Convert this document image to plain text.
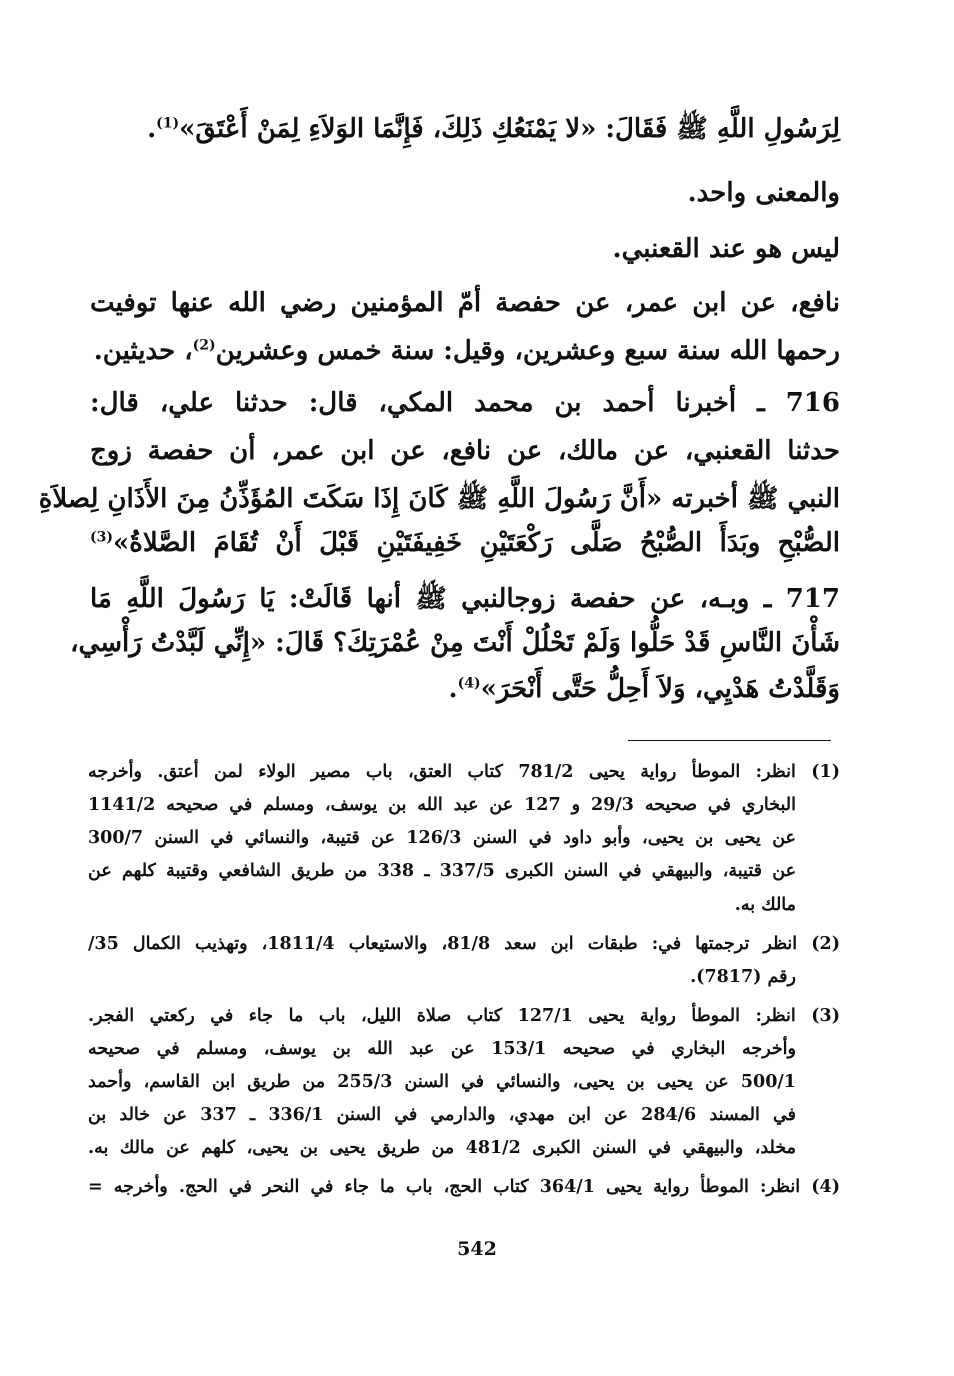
لِرَسُولِ اللَّهِ ﷺ فَقَالَ: «لا يَمْنَعُكِ ذَلِكَ، فَإِنَّمَا الوَلاَءِ لِمَنْ أَعْتَقَ»$^{(1)}$.
والمعنى واحد.
ليس هو عند القعنبي.
نافع، عن ابن عمر، عن حفصة أمّ المؤمنين رضي الله عنها توفيت
رحمها الله سنة سبع وعشرين، وقيل: سنة خمس وعشرين$^{(2)}$، حديثين.
716 ـ أخبرنا أحمد بن محمد المكي، قال: حدثنا علي، قال:
حدثنا القعنبي، عن مالك، عن نافع، عن ابن عمر، أن حفصة زوج
النبي ﷺ أخبرته «أَنَّ رَسُولَ اللَّهِ ﷺ كَانَ إِذَا سَكَتَ المُؤَذِّنُ مِنَ الأَذَانِ لِصلاَةِ
الصُّبْحِ وبَدَأَ الصُّبْحُ صَلَّى رَكْعَتَيْنِ خَفِيفَتَيْنِ قَبْلَ أَنْ تُقَامَ الصَّلاةُ»$^{(3)}$
717 ـ وبـه، عن حفصة زوجالنبي ﷺ أنها قَالَتْ: يَا رَسُولَ اللَّهِ مَا
شَأْنَ النَّاسِ قَدْ حَلُّوا وَلَمْ تَحْلُلْ أَنْتَ مِنْ عُمْرَتِكَ؟ قَالَ: «إِنِّي لَبَّدْتُ رَأْسِي،
وَقَلَّدْتُ هَدْيِي، وَلاَ أَحِلُّ حَتَّى أَنْحَرَ»$^{(4)}$.
(1) انظر: الموطأ رواية يحيى 781/2 كتاب العتق، باب مصير الولاء لمن أعتق. وأخرجه
البخاري في صحيحه 29/3 و 127 عن عبد الله بن يوسف، ومسلم في صحيحه 1141/2
عن يحيى بن يحيى، وأبو داود في السنن 126/3 عن قتيبة، والنسائي في السنن 300/7
عن قتيبة، والبيهقي في السنن الكبرى 337/5 ـ 338 من طريق الشافعي وقتيبة كلهم عن
مالك به.
(2) انظر ترجمتها في: طبقات ابن سعد 81/8، والاستيعاب 1811/4، وتهذيب الكمال 35/
رقم (7817).
(3) انظر: الموطأ رواية يحيى 127/1 كتاب صلاة الليل، باب ما جاء في ركعتي الفجر.
وأخرجه البخاري في صحيحه 153/1 عن عبد الله بن يوسف، ومسلم في صحيحه
500/1 عن يحيى بن يحيى، والنسائي في السنن 255/3 من طريق ابن القاسم، وأحمد
في المسند 284/6 عن ابن مهدي، والدارمي في السنن 336/1 ـ 337 عن خالد بن
مخلد، والبيهقي في السنن الكبرى 481/2 من طريق يحيى بن يحيى، كلهم عن مالك به.
(4) انظر: الموطأ رواية يحيى 364/1 كتاب الحج، باب ما جاء في النحر في الحج. وأخرجه =
542
